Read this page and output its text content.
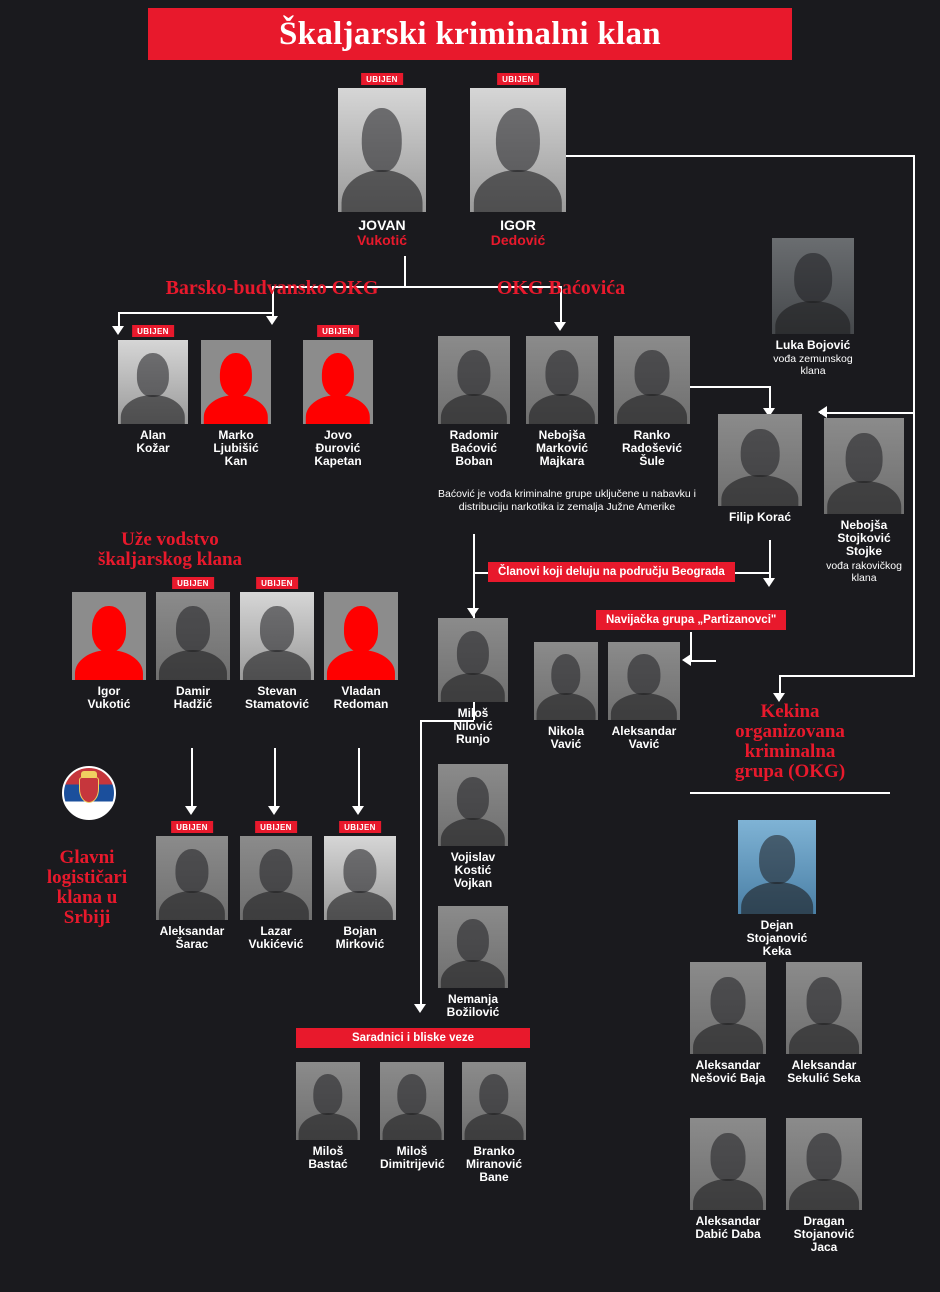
Škaljarski kriminalni klan
UBIJEN
JOVAN
Vukotić
UBIJEN
IGOR
Dedović
Barsko-budvansko OKG	OKG Baćovića
Uže vodstvo
škaljarskog klana
Glavni
logističari
klana u
Srbiji
Kekina
organizovana
kriminalna
grupa (OKG)
UBIJEN
Alan
Kožar
Marko
Ljubišić

Kan
UBIJEN
Jovo
Đurović

Kapetan
Radomir
Baćović

Boban
Nebojša
Marković

Majkara
Ranko
Radošević

Šule
Baćović je vođa kriminalne grupe uključene u nabavku i distribuciju narkotika iz zemalja Južne Amerike
Luka Bojović
vođa zemunskog klana
Filip Korać
Nebojša
Stojković

Stojke
vođa rakovičkog klana
Igor
Vukotić
UBIJEN
Damir
Hadžić
UBIJEN
Stevan
Stamatović
Vladan
Redoman
UBIJEN
Aleksandar
Šarac
UBIJEN
Lazar
Vukićević
UBIJEN
Bojan
Mirković
Članovi koji deluju na području Beograda
Navijačka grupa „Partizanovci"
Saradnici i bliske veze
Miloš
Nilović

Runjo
Vojislav
Kostić

Vojkan
Nemanja
Božilović
Nikola
Vavić
Aleksandar
Vavić
Dejan
Stojanović

Keka
Aleksandar
Nešović Baja
Aleksandar
Sekulić Seka
Aleksandar
Dabić Daba
Dragan
Stojanović

Jaca
Miloš
Bastać
Miloš
Dimitrijević
Branko
Miranović

Bane
